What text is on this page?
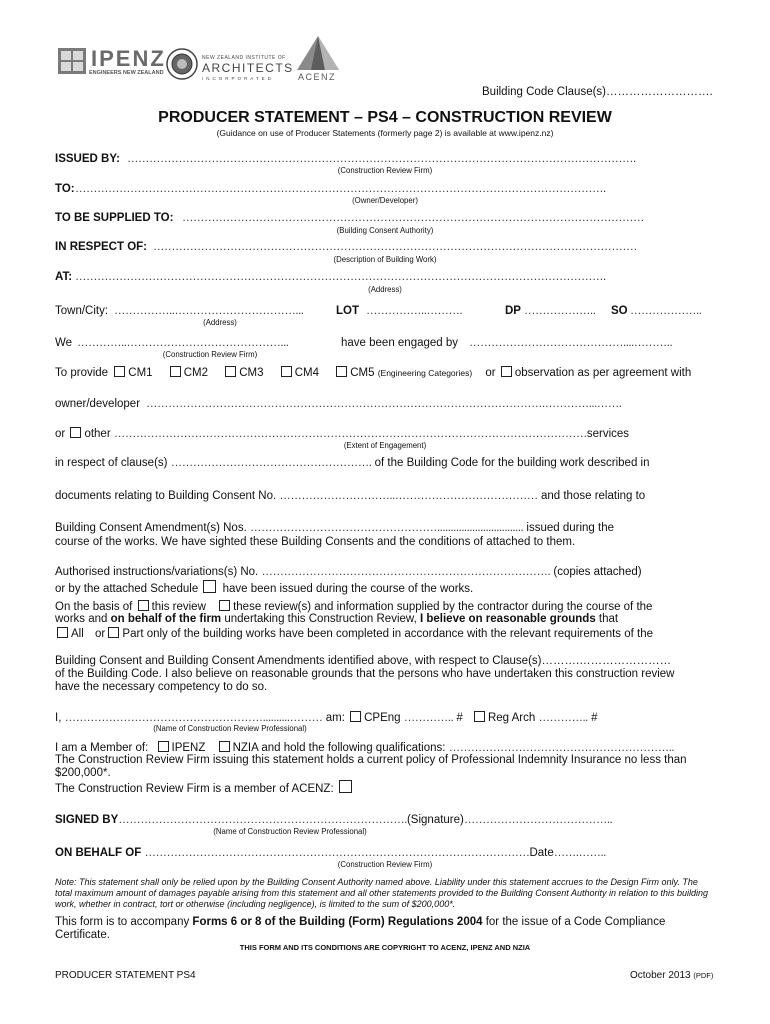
IPENZ
ENGINEERS NEW ZEALAND
NEW ZEALAND INSTITUTE OF
ARCHITECTS
INCORPORATED	ACENZ
Building Code Clause(s)……………………….
PRODUCER STATEMENT – PS4 – CONSTRUCTION REVIEW
(Guidance on use of Producer Statements (formerly page 2) is available at www.ipenz.nz)
ISSUED BY: ………………………………………………………………………………………………………………………….
(Construction Review Firm)
TO: ……………………………………………………………………………………………………………………………….
(Owner/Developer)
TO BE SUPPLIED TO: ………………………………………………………………………………………………………………
(Building Consent Authority)
IN RESPECT OF: ……………………………………………………………………………………………………………………
(Description of Building Work)
AT: ……………………………………………………………………………………………………………………………….
(Address)
Town/City: ……………..……………………………...	LOT ……………..……….	DP ……………….. SO ………………..
(Address)
We …………..……………………………………...	have been engaged by ……………………………………....………..
(Construction Review Firm)
To provide CM1	CM2	CM3	CM4	CM5 (Engineering Categories) or observation as per agreement with
owner/developer ……………………………………………………………………………………………….…………...…….
or other …………………………………………………………………………………………………………………services
(Extent of Engagement)
in respect of clause(s) ………………………………………………. of the Building Code for the building work described in
documents relating to Building Consent No. …………………………..………………………………… and those relating to
Building Consent Amendment(s) Nos. ……………………………………………................................ issued during the
course of the works. We have sighted these Building Consents and the conditions of attached to them.
Authorised instructions/variations(s) No. ……………………………………………………………………. (copies attached)
or by the attached Schedule have been issued during the course of the works.
On the basis of this review these review(s) and information supplied by the contractor during the course of the
works and on behalf of the firm undertaking this Construction Review, I believe on reasonable grounds that
All or Part only of the building works have been completed in accordance with the relevant requirements of the
Building Consent and Building Consent Amendments identified above, with respect to Clause(s)……….……………………
of the Building Code. I also believe on reasonable grounds that the persons who have undertaken this construction review
have the necessary competency to do so.
I, ………………………………………………..........……… am: CPEng ………….. # Reg Arch ………….. #
(Name of Construction Review Professional)
I am a Member of: IPENZ NZIA and hold the following qualifications: ……………………………………………………..
The Construction Review Firm issuing this statement holds a current policy of Professional Indemnity Insurance no less than
$200,000*.
The Construction Review Firm is a member of ACENZ:
SIGNED BY…………………………………………………………………….(Signature)…………………………………..
(Name of Construction Review Professional)
ON BEHALF OF ……………………………………………………………………………………………Date…….……..
(Construction Review Firm)
Note: This statement shall only be relied upon by the Building Consent Authority named above. Liability under this statement accrues to the Design Firm only. The total maximum amount of damages payable arising from this statement and all other statements provided to the Building Consent Authority in relation to this building work, whether in contract, tort or otherwise (including negligence), is limited to the sum of $200,000*.
This form is to accompany Forms 6 or 8 of the Building (Form) Regulations 2004 for the issue of a Code Compliance
Certificate.
THIS FORM AND ITS CONDITIONS ARE COPYRIGHT TO ACENZ, IPENZ AND NZIA
PRODUCER STATEMENT PS4	October 2013 (PDF)
